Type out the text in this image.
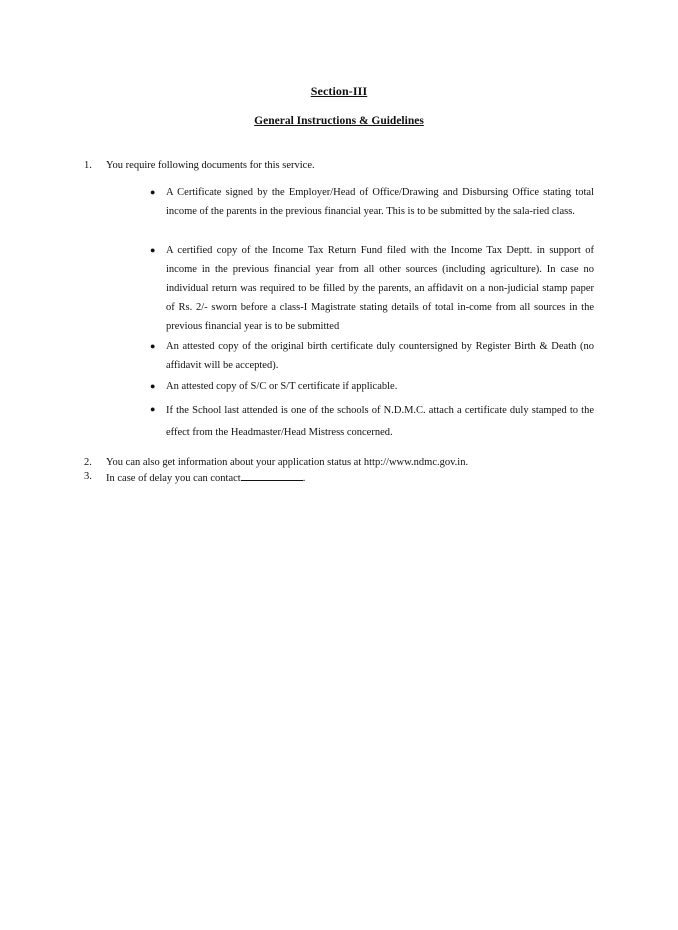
Section-III
General Instructions & Guidelines
1.	You require following documents for this service.
●	A Certificate signed by the Employer/Head of Office/Drawing and Disbursing Office stating total income of the parents in the previous financial year. This is to be submitted by the sala-ried class.
●	A certified copy of the Income Tax Return Fund filed with the Income Tax Deptt. in support of income in the previous financial year from all other sources (including agriculture). In case no individual return was required to be filled by the parents, an affidavit on a non-judicial stamp paper of Rs. 2/- sworn before a class-I Magistrate stating details of total in-come from all sources in the previous financial year is to be submitted
●	An attested copy of the original birth certificate duly countersigned by Register Birth & Death (no affidavit will be accepted).
●	An attested copy of S/C or S/T certificate if applicable.
●	If the School last attended is one of the schools of N.D.M.C. attach a certificate duly stamped to the effect from the Headmaster/Head Mistress concerned.
2.	You can also get information about your application status at http://www.ndmc.gov.in.
3.	In case of delay you can contact	.
